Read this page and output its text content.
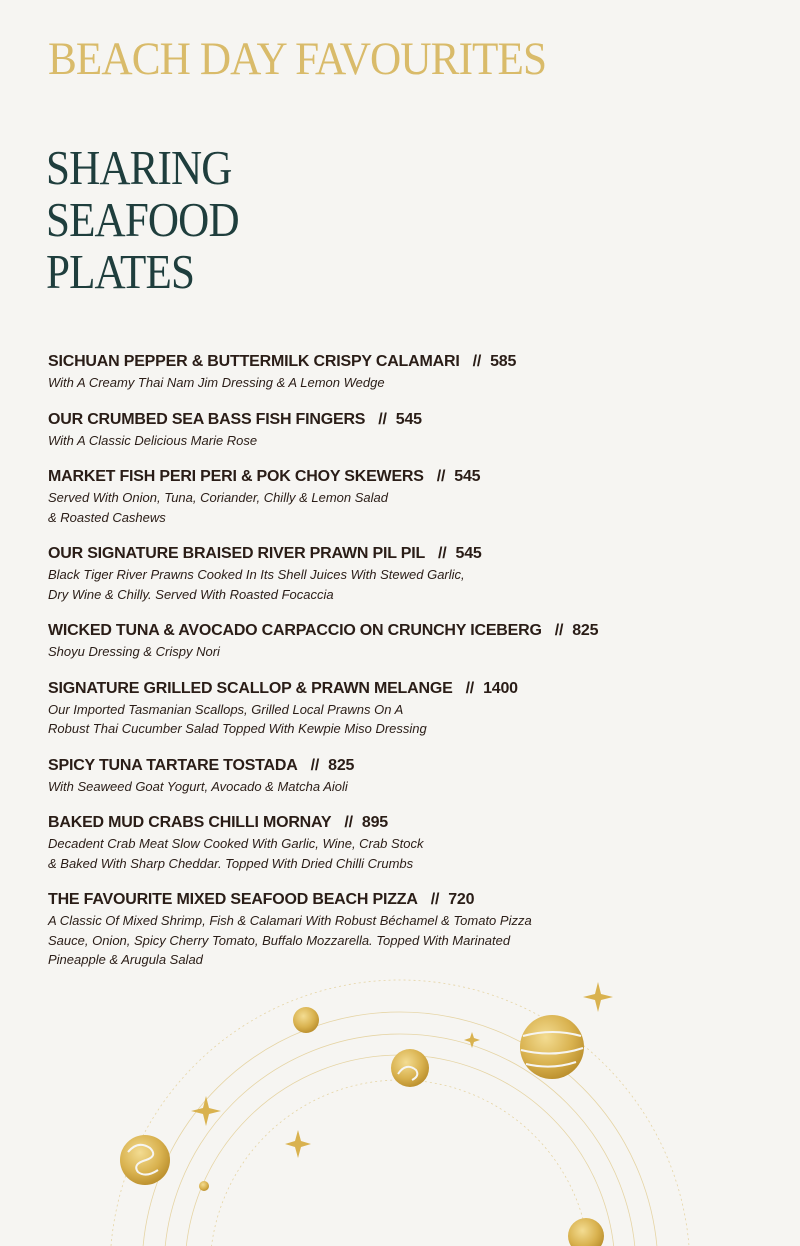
BEACH DAY FAVOURITES
SHARING
SEAFOOD
PLATES
SICHUAN PEPPER & BUTTERMILK CRISPY CALAMARI // 585
With A Creamy Thai Nam Jim Dressing & A Lemon Wedge
OUR CRUMBED SEA BASS FISH FINGERS // 545
With A Classic Delicious Marie Rose
MARKET FISH PERI PERI & POK CHOY SKEWERS // 545
Served With Onion, Tuna, Coriander, Chilly & Lemon Salad
& Roasted Cashews
OUR SIGNATURE BRAISED RIVER PRAWN PIL PIL // 545
Black Tiger River Prawns Cooked In Its Shell Juices With Stewed Garlic,
Dry Wine & Chilly. Served With Roasted Focaccia
WICKED TUNA & AVOCADO CARPACCIO ON CRUNCHY ICEBERG // 825
Shoyu Dressing & Crispy Nori
SIGNATURE GRILLED SCALLOP & PRAWN MELANGE // 1400
Our Imported Tasmanian Scallops, Grilled Local Prawns On A
Robust Thai Cucumber Salad Topped With Kewpie Miso Dressing
SPICY TUNA TARTARE TOSTADA // 825
With Seaweed Goat Yogurt, Avocado & Matcha Aioli
BAKED MUD CRABS CHILLI MORNAY // 895
Decadent Crab Meat Slow Cooked With Garlic, Wine, Crab Stock
& Baked With Sharp Cheddar. Topped With Dried Chilli Crumbs
THE FAVOURITE MIXED SEAFOOD BEACH PIZZA // 720
A Classic Of Mixed Shrimp, Fish & Calamari With Robust Béchamel & Tomato Pizza
Sauce, Onion, Spicy Cherry Tomato, Buffalo Mozzarella. Topped With Marinated
Pineapple & Arugula Salad
